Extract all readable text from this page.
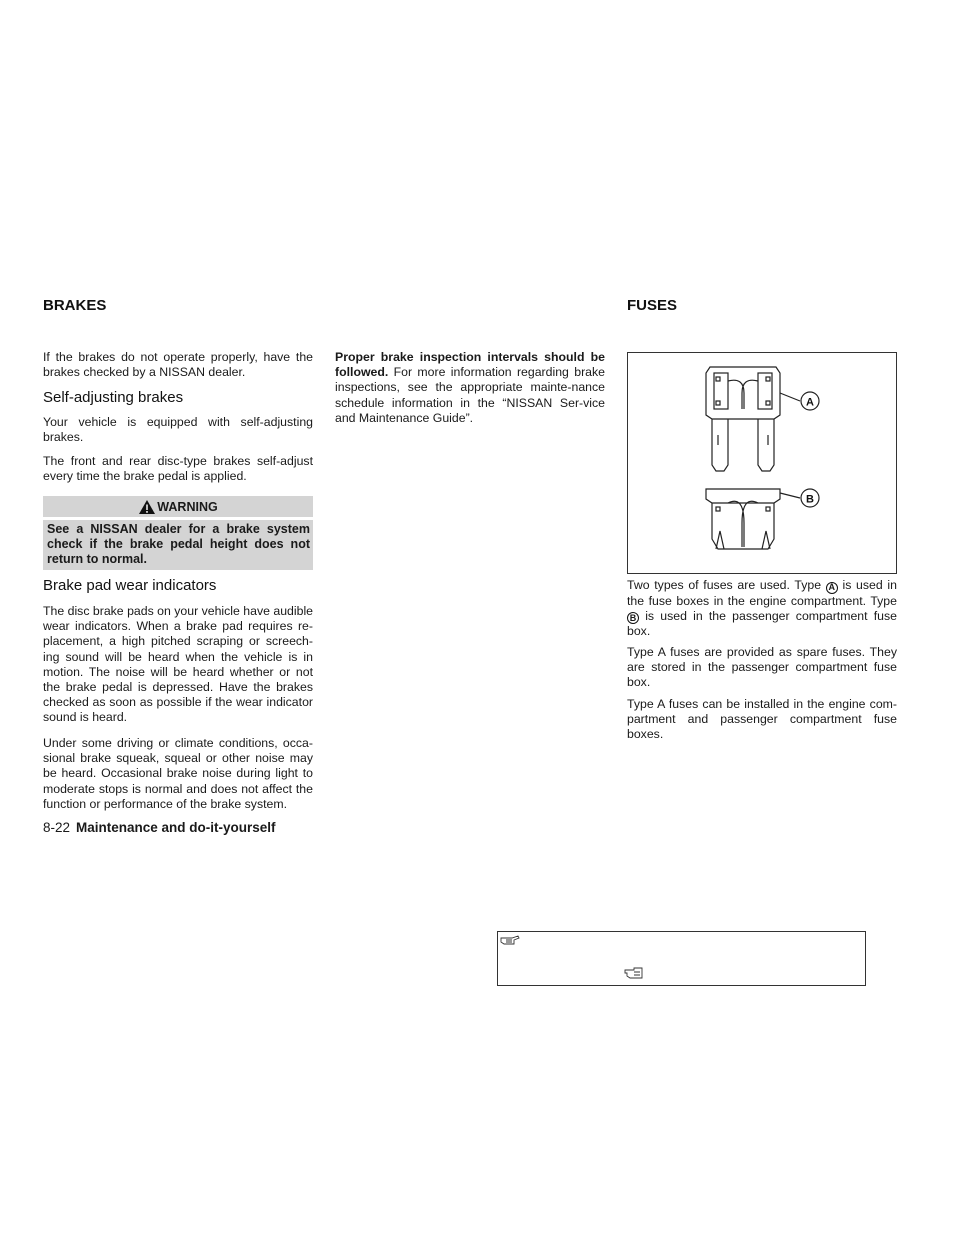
BRAKES

If the brakes do not operate properly, have the brakes checked by a NISSAN dealer.

Self-adjusting brakes

Your vehicle is equipped with self-adjusting brakes.

The front and rear disc-type brakes self-adjust every time the brake pedal is applied.

WARNING
See a NISSAN dealer for a brake system check if the brake pedal height does not return to normal.
Brake pad wear indicators

The disc brake pads on your vehicle have audible wear indicators. When a brake pad requires re-placement, a high pitched scraping or screech-ing sound will be heard when the vehicle is in motion. The noise will be heard whether or not the brake pedal is depressed. Have the brakes checked as soon as possible if the wear indicator sound is heard.

Under some driving or climate conditions, occa-sional brake squeak, squeal or other noise may be heard. Occasional brake noise during light to moderate stops is normal and does not affect the function or performance of the brake system.

Proper brake inspection intervals should be followed. For more information regarding brake inspections, see the appropriate mainte-nance schedule information in the “NISSAN Ser-vice and Maintenance Guide”.

FUSES
A
B

Two types of fuses are used. Type A is used in the fuse boxes in the engine compartment. Type B is used in the passenger compartment fuse box.

Type A fuses are provided as spare fuses. They are stored in the passenger compartment fuse box.

Type A fuses can be installed in the engine com-partment and passenger compartment fuse boxes.

8-22 Maintenance and do-it-yourself
